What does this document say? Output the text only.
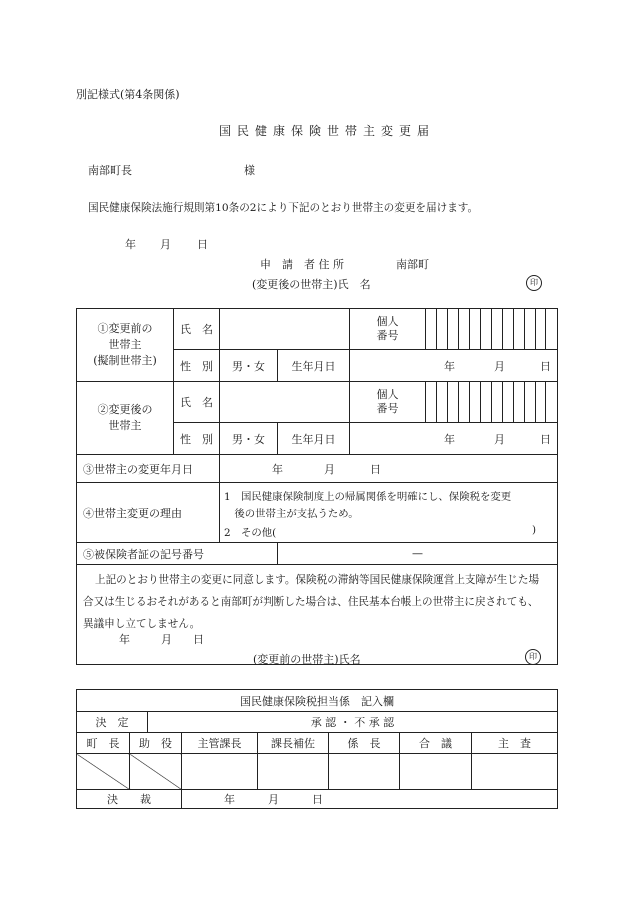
別記様式(第4条関係)
国民健康保険世帯主変更届
南部町長	様
国民健康保険法施行規則第10条の2により下記のとおり世帯主の変更を届けます。
年 月 日
申　請　者 住 所	南部町
(変更後の世帯主)氏　名	印
①変更前の
世帯主
(擬制世帯主)	氏　名		個人
番号	

性　別	男・女	生年月日	年	月	日

②変更後の
世帯主	氏　名		個人
番号	

性　別	男・女	生年月日	年	月	日

③世帯主の変更年月日	年	月	日

④世帯主変更の理由	
1　国民健康保険制度上の帰属関係を明確にし、保険税を変更
　後の世帯主が支払うため。
2　その他(	)

⑤被保険者証の記号番号	—

上記のとおり世帯主の変更に同意します。保険税の滞納等国民健康保険運営上支障が生じた場合又は生じるおそれがあると南部町が判断した場合は、住民基本台帳上の世帯主に戻されても、異議申し立てしません。
年	月 日
(変更前の世帯主)氏名	印
国民健康保険税担当係　記入欄							
決　定		承 認 ・ 不 承 認					
町　長	助　役		主管課長	課長補佐	係　長	合　議	主　査

決　　裁			年　　　月　　　日				
